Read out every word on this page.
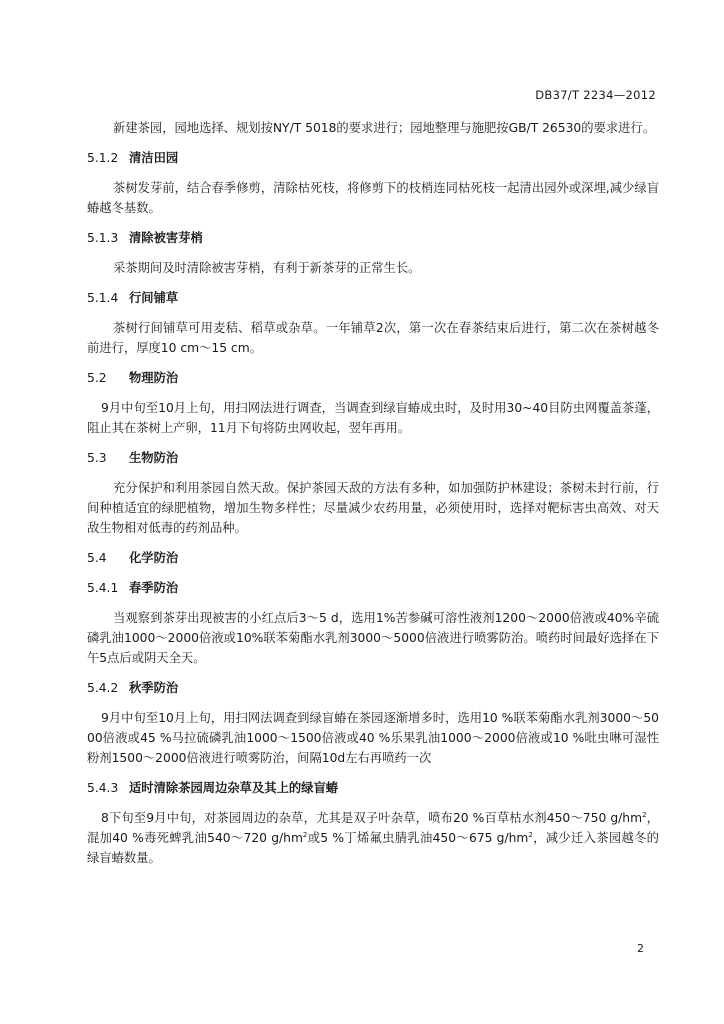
DB37/T 2234—2012

新建茶园，园地选择、规划按NY/T 5018的要求进行；园地整理与施肥按GB/T 26530的要求进行。

5.1.2 清洁田园

茶树发芽前，结合春季修剪，清除枯死枝，将修剪下的枝梢连同枯死枝一起清出园外或深埋,减少绿盲蝽越冬基数。

5.1.3 清除被害芽梢

采茶期间及时清除被害芽梢，有利于新茶芽的正常生长。

5.1.4 行间铺草

茶树行间铺草可用麦秸、稻草或杂草。一年铺草2次，第一次在春茶结束后进行，第二次在茶树越冬前进行，厚度10 cm～15 cm。

5.2 物理防治

9月中旬至10月上旬，用扫网法进行调查，当调查到绿盲蝽成虫时，及时用30~40目防虫网覆盖茶蓬，阻止其在茶树上产卵，11月下旬将防虫网收起，翌年再用。

5.3 生物防治

充分保护和利用茶园自然天敌。保护茶园天敌的方法有多种，如加强防护林建设；茶树未封行前，行间种植适宜的绿肥植物，增加生物多样性；尽量减少农药用量，必须使用时，选择对靶标害虫高效、对天敌生物相对低毒的药剂品种。

5.4 化学防治
5.4.1 春季防治

当观察到茶芽出现被害的小红点后3～5 d，选用1%苦参碱可溶性液剂1200～2000倍液或40%辛硫磷乳油1000～2000倍液或10%联苯菊酯水乳剂3000～5000倍液进行喷雾防治。喷药时间最好选择在下午5点后或阴天全天。

5.4.2 秋季防治

9月中旬至10月上旬，用扫网法调查到绿盲蝽在茶园逐渐增多时，选用10 %联苯菊酯水乳剂3000～5000倍液或45 %马拉硫磷乳油1000～1500倍液或40 %乐果乳油1000～2000倍液或10 %吡虫啉可湿性粉剂1500～2000倍液进行喷雾防治，间隔10d左右再喷药一次

5.4.3 适时清除茶园周边杂草及其上的绿盲蝽

8下旬至9月中旬，对茶园周边的杂草，尤其是双子叶杂草，喷布20 %百草枯水剂450～750 $g/hm^2$，混加40 %毒死蜱乳油540～720 $g/hm^2$或5 %丁烯氟虫腈乳油450～675 $g/hm^2$，减少迁入茶园越冬的绿盲蝽数量。

2
